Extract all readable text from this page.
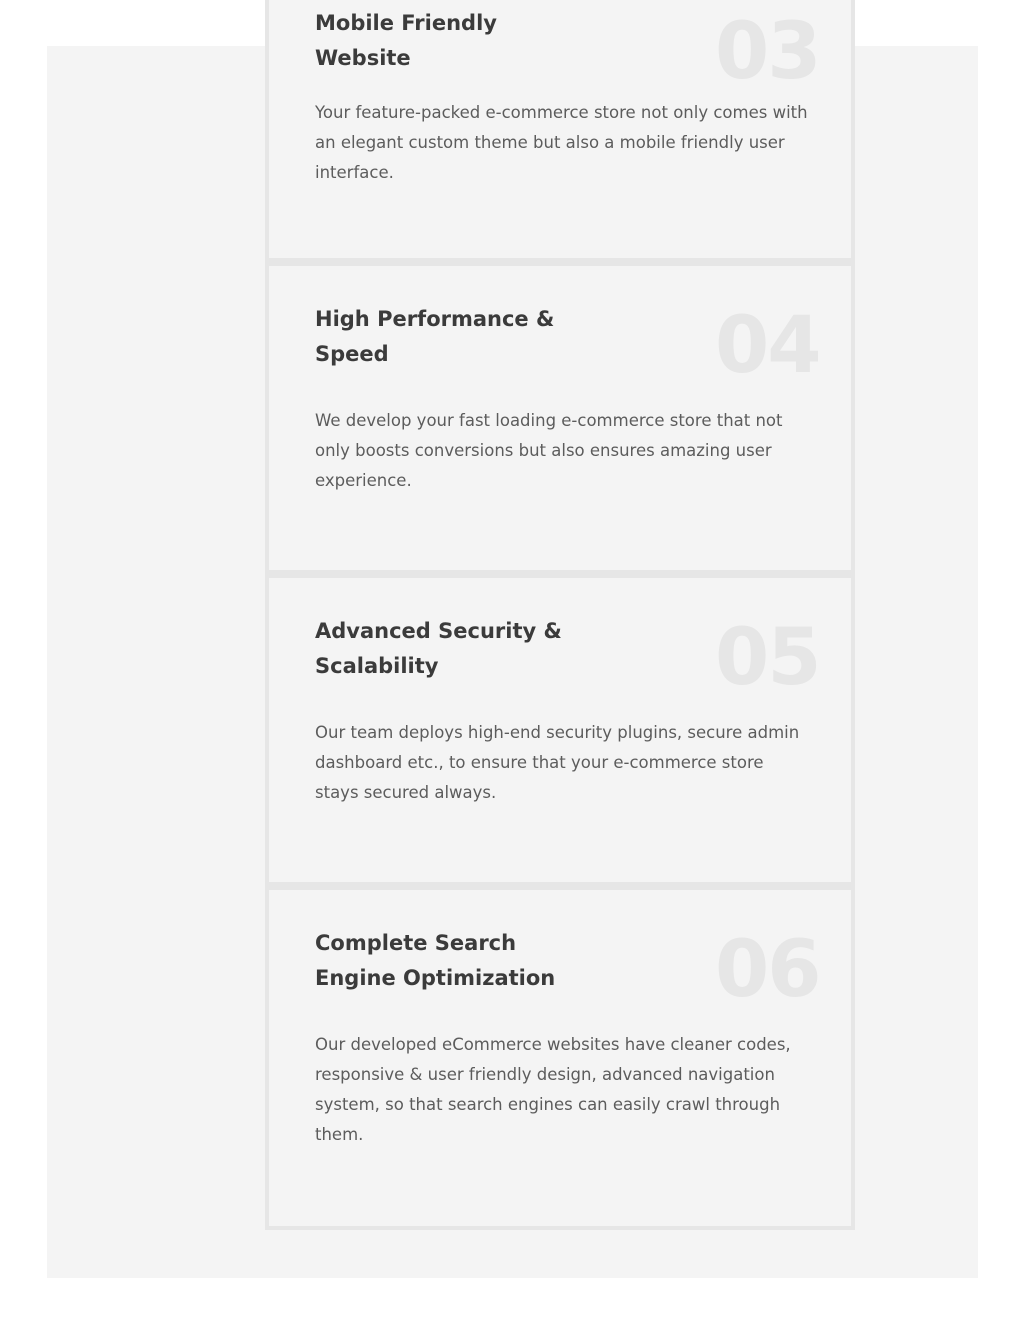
Mobile Friendly
Website	03

Your feature-packed e-commerce store not only comes with an elegant custom theme but also a mobile friendly user interface.

High Performance &
Speed	04

We develop your fast loading e-commerce store that not only boosts conversions but also ensures amazing user experience.

Advanced Security &
Scalability	05

Our team deploys high-end security plugins, secure admin dashboard etc., to ensure that your e-commerce store stays secured always.

Complete Search
Engine Optimization	06

Our developed eCommerce websites have cleaner codes, responsive & user friendly design, advanced navigation system, so that search engines can easily crawl through them.
